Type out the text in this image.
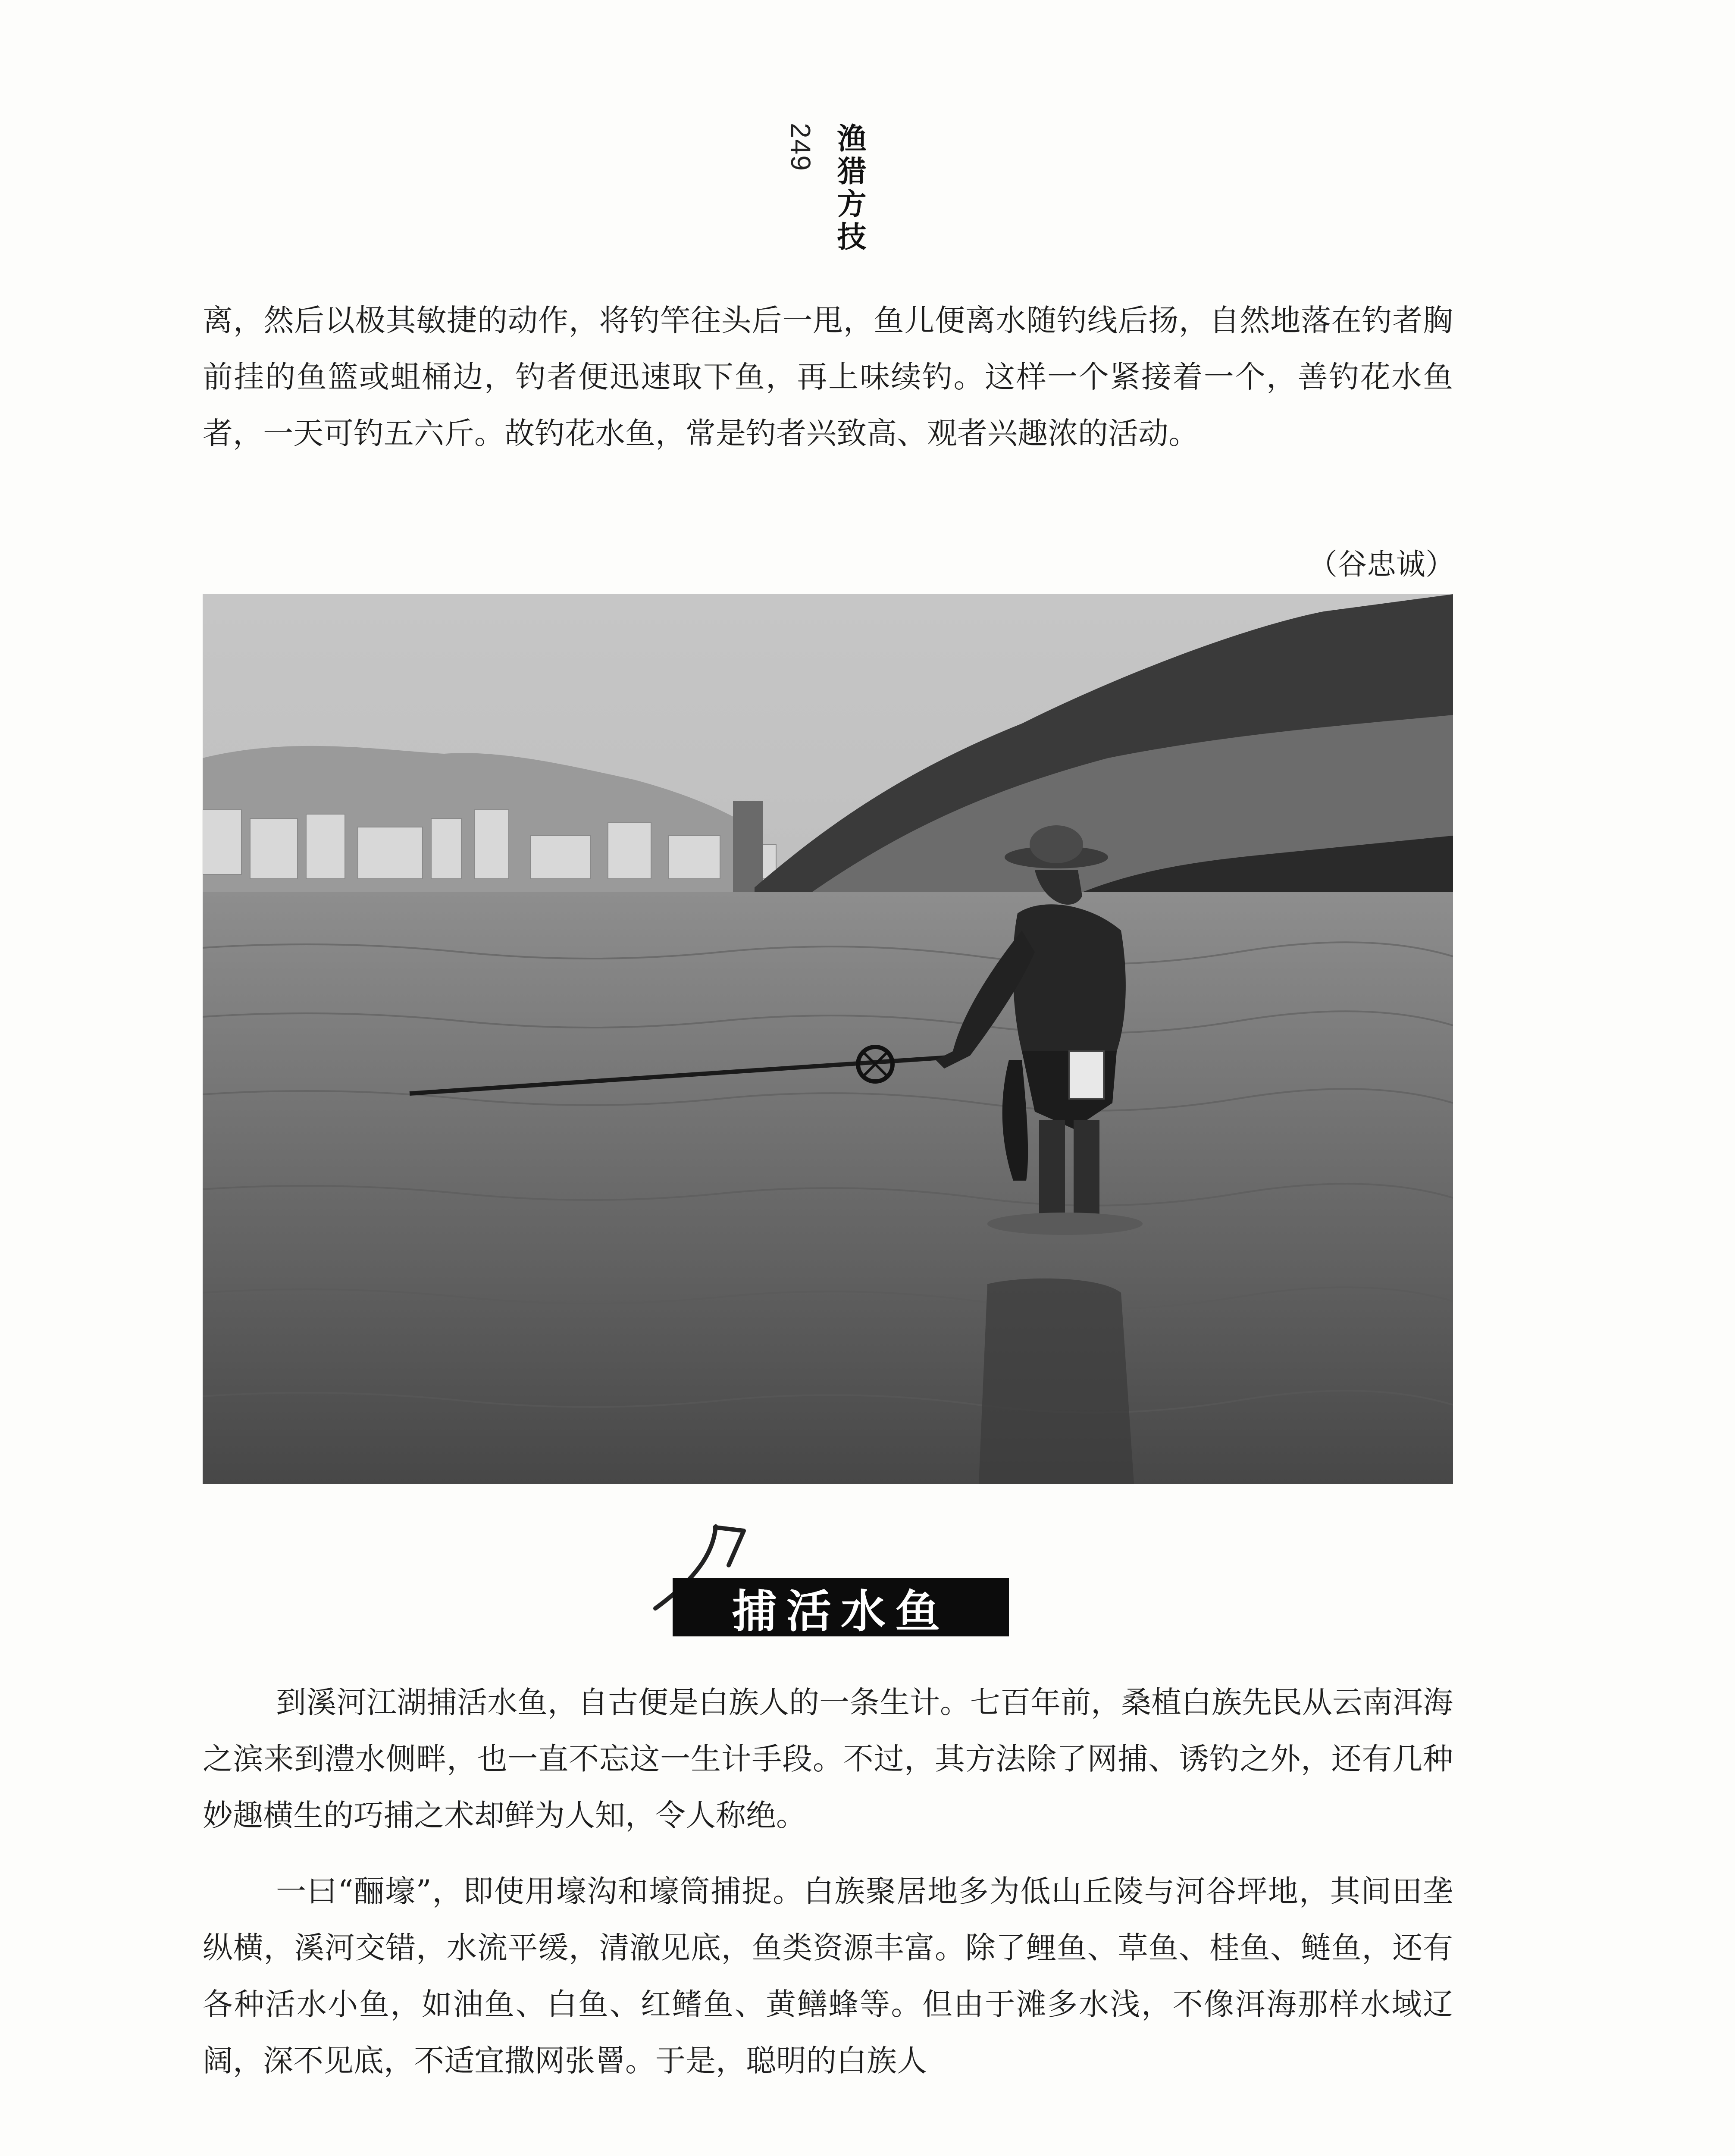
249 渔猎方技

离，然后以极其敏捷的动作，将钓竿往头后一甩，鱼儿便离水随钓线后扬，自然地落在钓者胸前挂的鱼篮或蛆桶边，钓者便迅速取下鱼，再上味续钓。这样一个紧接着一个，善钓花水鱼者，一天可钓五六斤。故钓花水鱼，常是钓者兴致高、观者兴趣浓的活动。

（谷忠诚）

捕活水鱼

到溪河江湖捕活水鱼，自古便是白族人的一条生计。七百年前，桑植白族先民从云南洱海之滨来到澧水侧畔，也一直不忘这一生计手段。不过，其方法除了网捕、诱钓之外，还有几种妙趣横生的巧捕之术却鲜为人知，令人称绝。

一曰“酾壕”，即使用壕沟和壕筒捕捉。白族聚居地多为低山丘陵与河谷坪地，其间田垄纵横，溪河交错，水流平缓，清澈见底，鱼类资源丰富。除了鲤鱼、草鱼、桂鱼、鲢鱼，还有各种活水小鱼，如油鱼、白鱼、红鳍鱼、黄鳝蜂等。但由于滩多水浅，不像洱海那样水域辽阔，深不见底，不适宜撒网张罾。于是，聪明的白族人
